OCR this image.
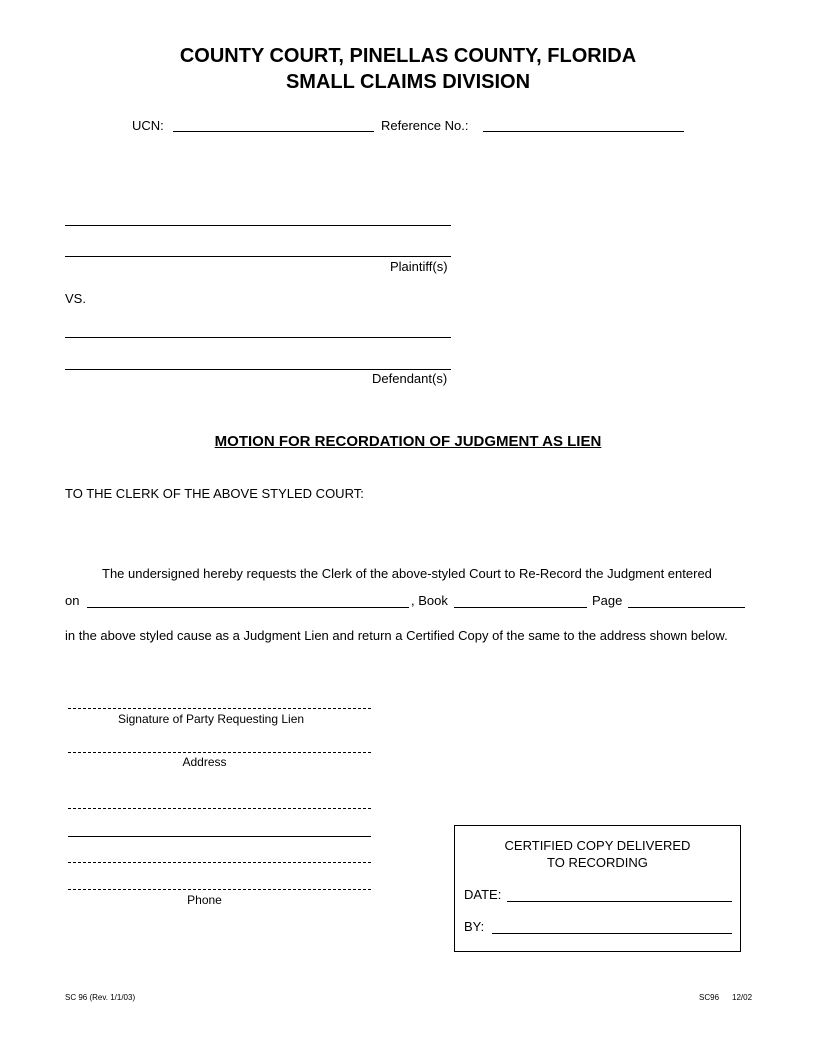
COUNTY COURT, PINELLAS COUNTY, FLORIDA
SMALL CLAIMS DIVISION
UCN:	Reference No.:
Plaintiff(s)
VS.
Defendant(s)
MOTION FOR RECORDATION OF JUDGMENT AS LIEN
TO THE CLERK OF THE ABOVE STYLED COURT:
The undersigned hereby requests the Clerk of the above-styled Court to Re-Record the Judgment entered
on	, Book	Page
in the above styled cause as a Judgment Lien and return a Certified Copy of the same to the address shown below.
Signature of Party Requesting Lien
Address
Phone
CERTIFIED COPY DELIVERED
TO RECORDING
DATE:
BY:
SC 96 (Rev. 1/1/03)	SC96 12/02
